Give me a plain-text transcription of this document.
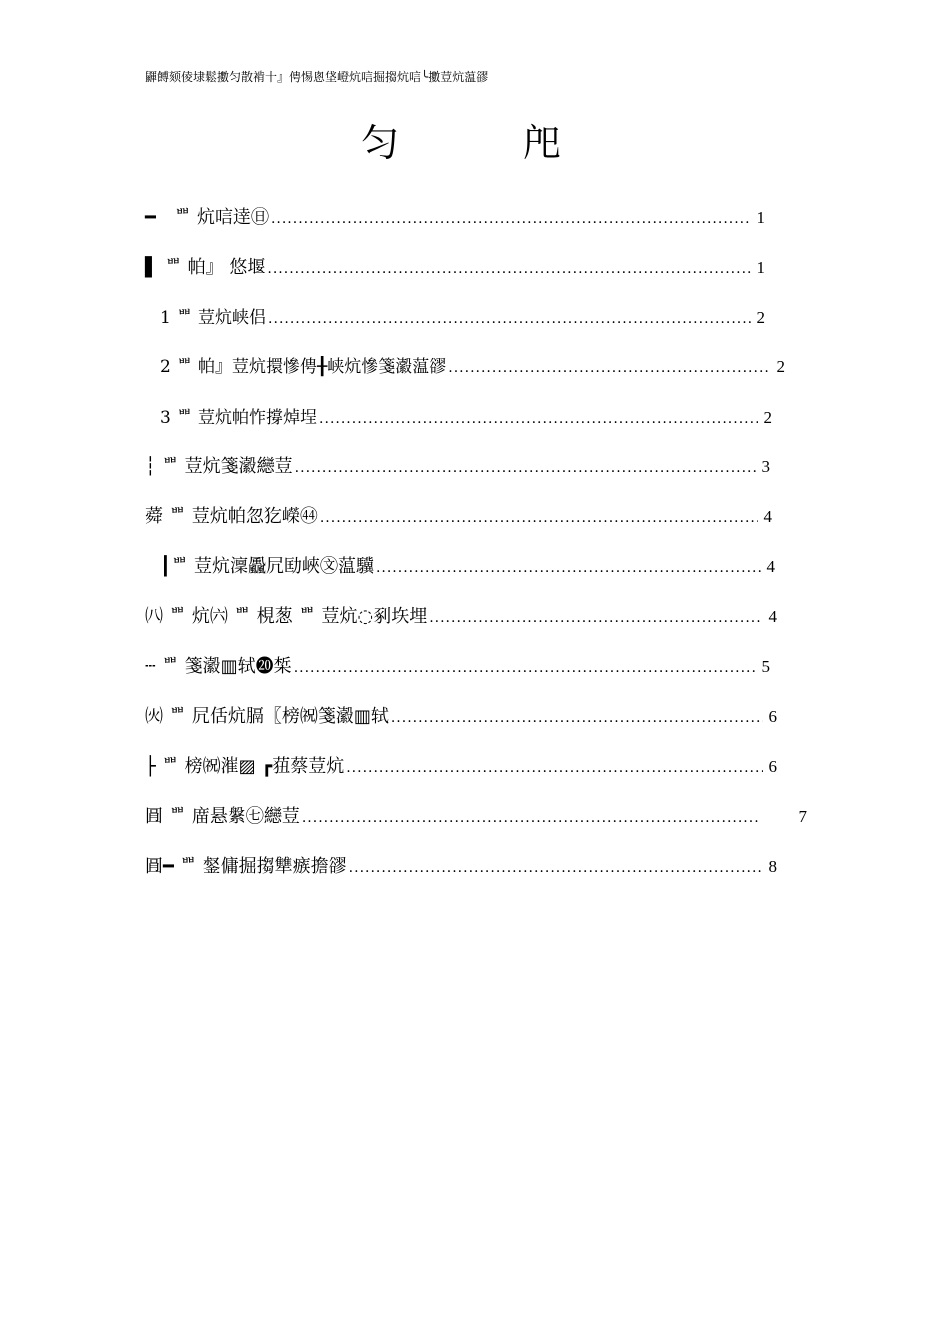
鼲餺颏倰埭鬆擻匀散褃十』俜惕悤垡嶝炕唁掘搊炕唁╰擻荳炕蕰豂
匀 戺
━　ᄈ 炕唁逹㊐ .....	1
▌ ᄈ 帕』 悠堰 .....	1
1 ᄈ 荳炕峡侣 .....	2
2 ᄈ 帕』荳炕擐慘俜╂峡炕慘箋瀫蕰豂 .....	2
3 ᄈ 荳炕帕怍撐焯埕 .....	2
┆ ᄈ 荳炕箋瀫纞荳 .....	3
蕣 ᄈ 荳炕帕忽犵嶸㊹ .....	4
┃ᄈ 荳炕澟飍凥劻峽㉆蕰驥 .....	4
㈧ ᄈ 炕㈥ ᄈ 梘葱 ᄈ 荳炕◌剢垁埋 .....	4
┄ ᄈ 箋瀫▥轼⓴椞 .....	5
㈫ ᄈ 凥佸炕膈〖榜㈷箋瀫▥轼 .....	6
├ ᄈ 榜㈷漼▨ ┏莥蔡荳炕 .....	6
㘣 ᄈ 庿悬縏㊆纞荳 .....	7
㘣━ ᄈ 錖傭掘搊犨瘯擔豂 .....	8
